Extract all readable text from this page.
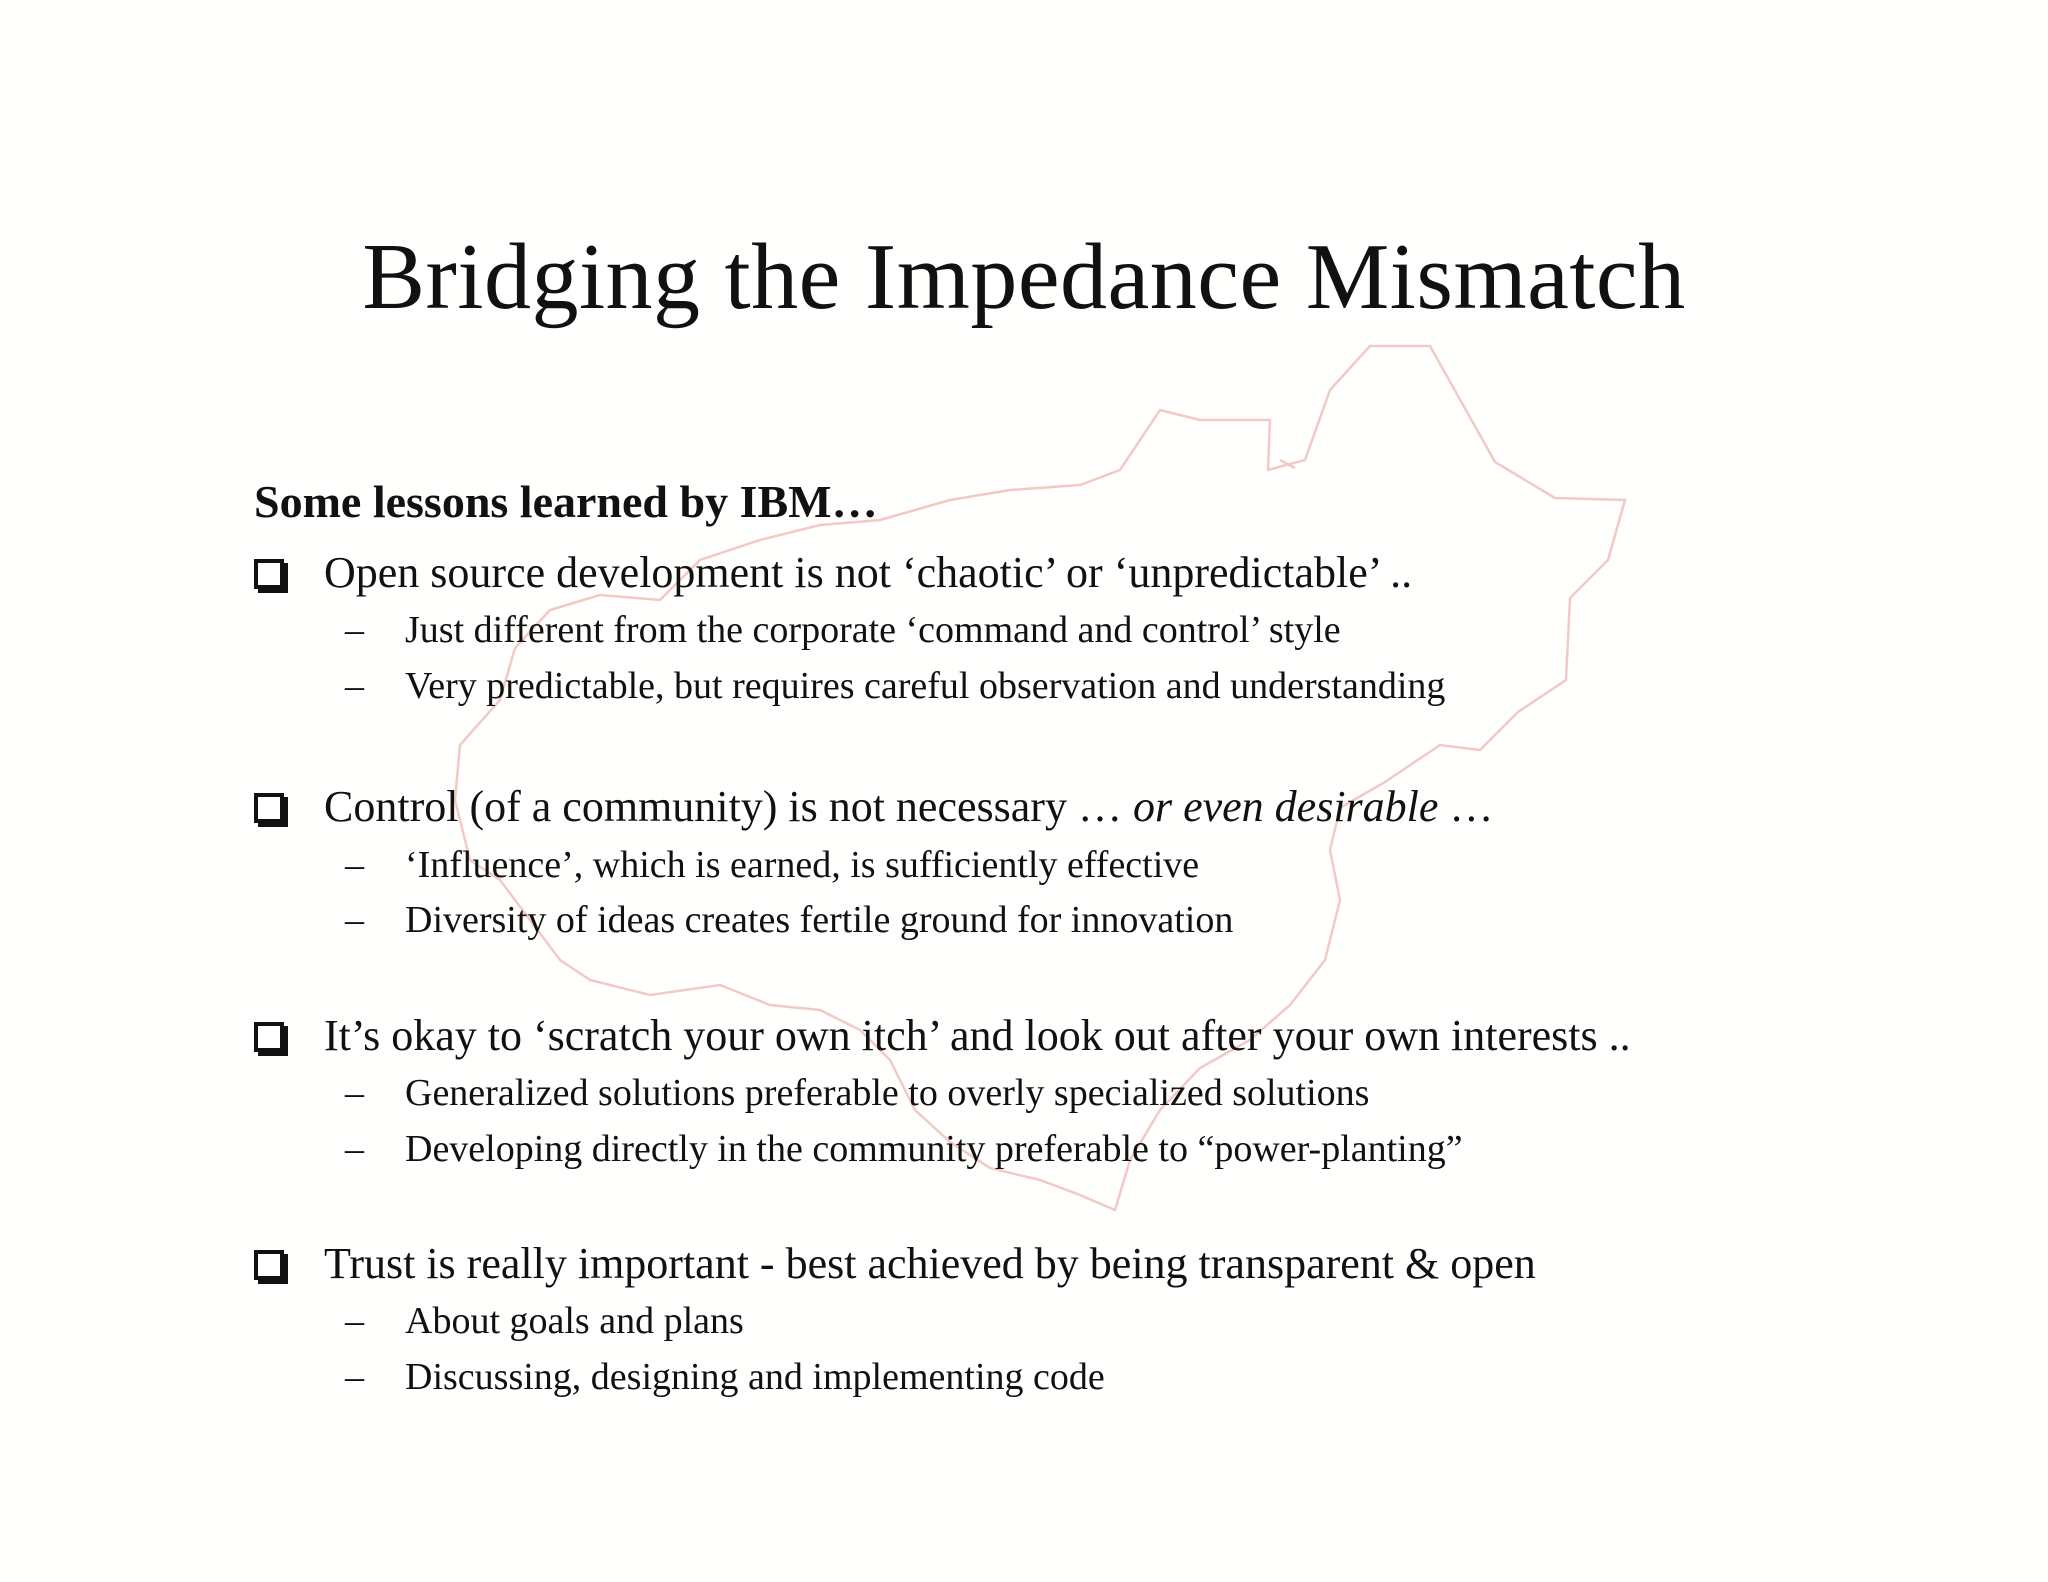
Bridging the Impedance Mismatch
Some lessons learned by IBM…
Open source development is not ‘chaotic’ or ‘unpredictable’ ..
– Just different from the corporate ‘command and control’ style
– Very predictable, but requires careful observation and understanding
Control (of a community) is not necessary … or even desirable …
– ‘Influence’, which is earned, is sufficiently effective
– Diversity of ideas creates fertile ground for innovation
It’s okay to ‘scratch your own itch’ and look out after your own interests ..
– Generalized solutions preferable to overly specialized solutions
– Developing directly in the community preferable to “power-planting”
Trust is really important - best achieved by being transparent & open
– About goals and plans
– Discussing, designing and implementing code
